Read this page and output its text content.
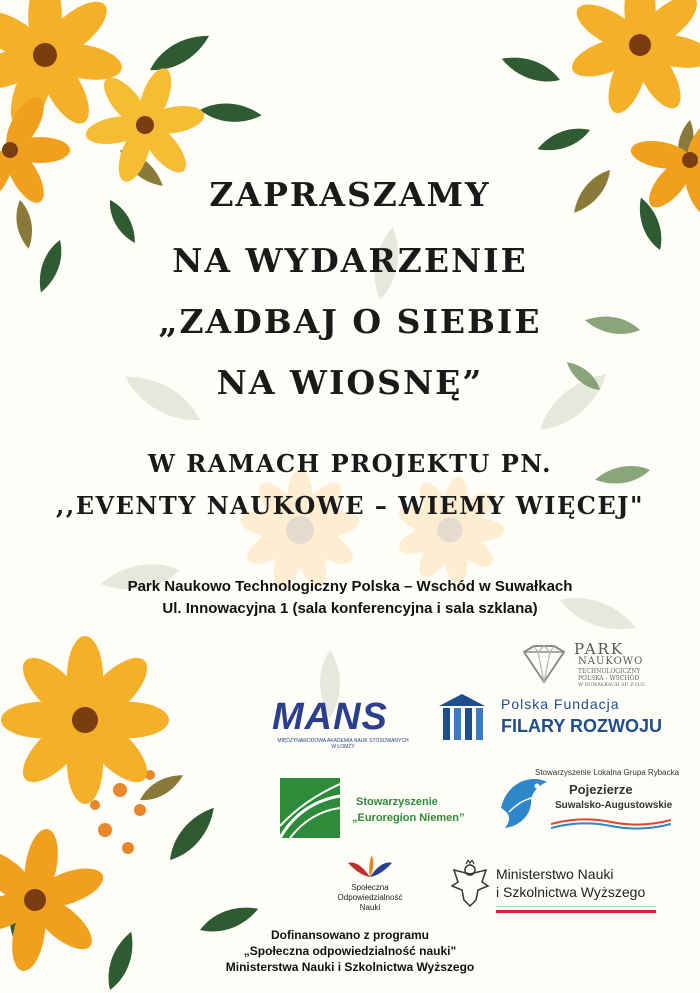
ZAPRASZAMY
NA WYDARZENIE
„ZADBAJ O SIEBIE
NA WIOSNĘ”
W RAMACH PROJEKTU PN.
,,EVENTY NAUKOWE – WIEMY WIĘCEJ"
Park Naukowo Technologiczny Polska – Wschód w Suwałkach
Ul. Innowacyjna 1 (sala konferencyjna i sala szklana)
PARK
NAUKOWO
TECHNOLOGICZNY
POLSKA - WSCHÓD
W SUWAŁKACH SP. Z O.O.
MANS
MIĘDZYNARODOWA AKADEMIA NAUK STOSOWANYCH
W ŁOMŻY
Polska Fundacja
FILARY ROZWOJU
Stowarzyszenie
„Euroregion Niemen”
Stowarzyszenie Lokalna Grupa Rybacka
Pojezierze
Suwalsko-Augustowskie
Społeczna
Odpowiedzialność
Nauki
Ministerstwo Nauki
i Szkolnictwa Wyższego
Dofinansowano z programu
„Społeczna odpowiedzialność nauki"
Ministerstwa Nauki i Szkolnictwa Wyższego
